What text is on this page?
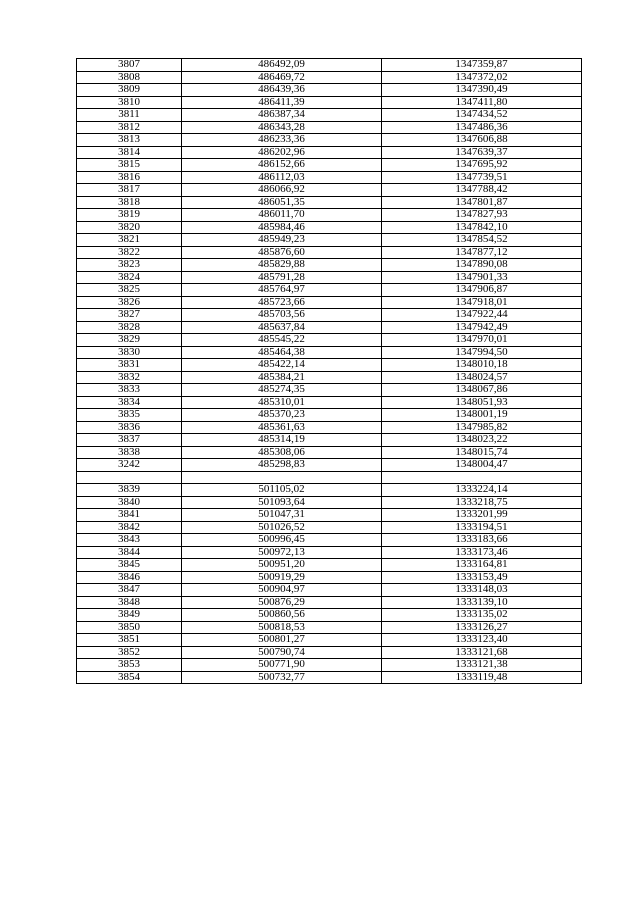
3807	486492,09	1347359,87
3808	486469,72	1347372,02
3809	486439,36	1347390,49
3810	486411,39	1347411,80
3811	486387,34	1347434,52
3812	486343,28	1347486,36
3813	486233,36	1347606,88
3814	486202,96	1347639,37
3815	486152,66	1347695,92
3816	486112,03	1347739,51
3817	486066,92	1347788,42
3818	486051,35	1347801,87
3819	486011,70	1347827,93
3820	485984,46	1347842,10
3821	485949,23	1347854,52
3822	485876,60	1347877,12
3823	485829,88	1347890,08
3824	485791,28	1347901,33
3825	485764,97	1347906,87
3826	485723,66	1347918,01
3827	485703,56	1347922,44
3828	485637,84	1347942,49
3829	485545,22	1347970,01
3830	485464,38	1347994,50
3831	485422,14	1348010,18
3832	485384,21	1348024,57
3833	485274,35	1348067,86
3834	485310,01	1348051,93
3835	485370,23	1348001,19
3836	485361,63	1347985,82
3837	485314,19	1348023,22
3838	485308,06	1348015,74
3242	485298,83	1348004,47

3839	501105,02	1333224,14
3840	501093,64	1333218,75
3841	501047,31	1333201,99
3842	501026,52	1333194,51
3843	500996,45	1333183,66
3844	500972,13	1333173,46
3845	500951,20	1333164,81
3846	500919,29	1333153,49
3847	500904,97	1333148,03
3848	500876,29	1333139,10
3849	500860,56	1333135,02
3850	500818,53	1333126,27
3851	500801,27	1333123,40
3852	500790,74	1333121,68
3853	500771,90	1333121,38
3854	500732,77	1333119,48
